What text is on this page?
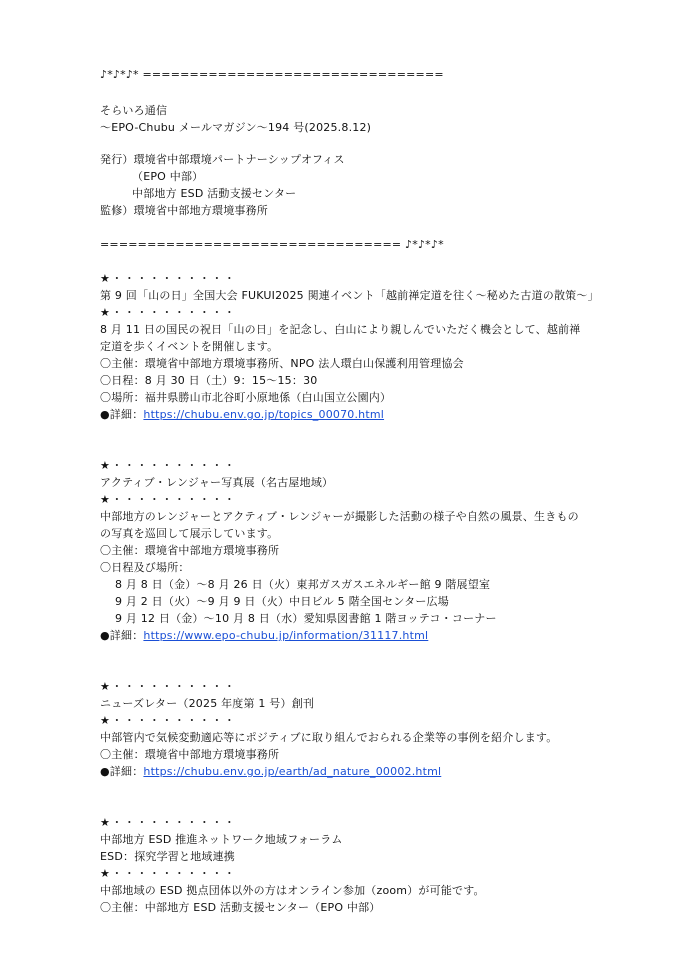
♪*♪*♪* ================================
そらいろ通信
～EPO-Chubu メールマガジン～194 号(2025.8.12)
発行）環境省中部環境パートナーシップオフィス
（EPO 中部）
中部地方 ESD 活動支援センター
監修）環境省中部地方環境事務所
================================ ♪*♪*♪*
★・・・・・・・・・・
第 9 回「山の日」全国大会 FUKUI2025 関連イベント「越前禅定道を往く～秘めた古道の散策～」
★・・・・・・・・・・
8 月 11 日の国民の祝日「山の日」を記念し、白山により親しんでいただく機会として、越前禅
定道を歩くイベントを開催します。
〇主催：環境省中部地方環境事務所、NPO 法人環白山保護利用管理協会
〇日程：8 月 30 日（土）9：15～15：30
〇場所：福井県勝山市北谷町小原地係（白山国立公園内）
●詳細：https://chubu.env.go.jp/topics_00070.html
★・・・・・・・・・・
アクティブ・レンジャー写真展（名古屋地域）
★・・・・・・・・・・
中部地方のレンジャーとアクティブ・レンジャーが撮影した活動の様子や自然の風景、生きもの
の写真を巡回して展示しています。
〇主催：環境省中部地方環境事務所
〇日程及び場所：
8 月 8 日（金）～8 月 26 日（火）東邦ガスガスエネルギー館 9 階展望室
9 月 2 日（火）～9 月 9 日（火）中日ビル 5 階全国センター広場
9 月 12 日（金）～10 月 8 日（水）愛知県図書館 1 階ヨッテコ・コーナー
●詳細：https://www.epo-chubu.jp/information/31117.html
★・・・・・・・・・・
ニューズレター（2025 年度第 1 号）創刊
★・・・・・・・・・・
中部管内で気候変動適応等にポジティブに取り組んでおられる企業等の事例を紹介します。
〇主催：環境省中部地方環境事務所
●詳細：https://chubu.env.go.jp/earth/ad_nature_00002.html
★・・・・・・・・・・
中部地方 ESD 推進ネットワーク地域フォーラム
ESD：探究学習と地域連携
★・・・・・・・・・・
中部地域の ESD 拠点団体以外の方はオンライン参加（zoom）が可能です。
〇主催：中部地方 ESD 活動支援センター（EPO 中部）
